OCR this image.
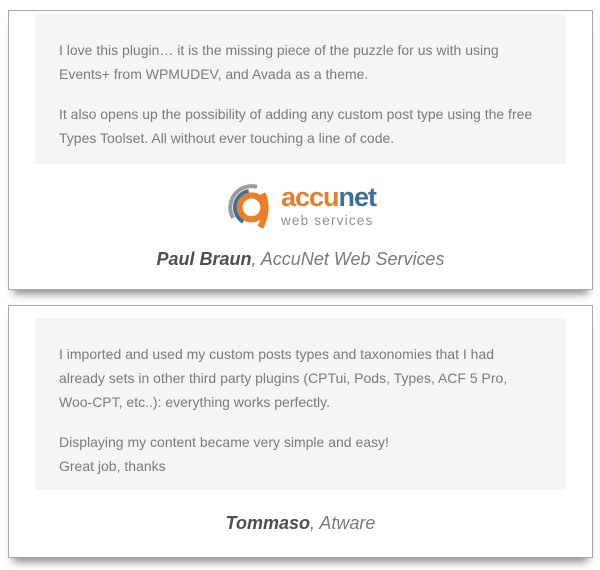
I love this plugin… it is the missing piece of the puzzle for us with using Events+ from WPMUDEV, and Avada as a theme.

It also opens up the possibility of adding any custom post type using the free Types Toolset. All without ever touching a line of code.

accunet
web services
Paul Braun, AccuNet Web Services

I imported and used my custom posts types and taxonomies that I had already sets in other third party plugins (CPTui, Pods, Types, ACF 5 Pro, Woo-CPT, etc..): everything works perfectly.

Displaying my content became very simple and easy!
Great job, thanks

Tommaso, Atware
